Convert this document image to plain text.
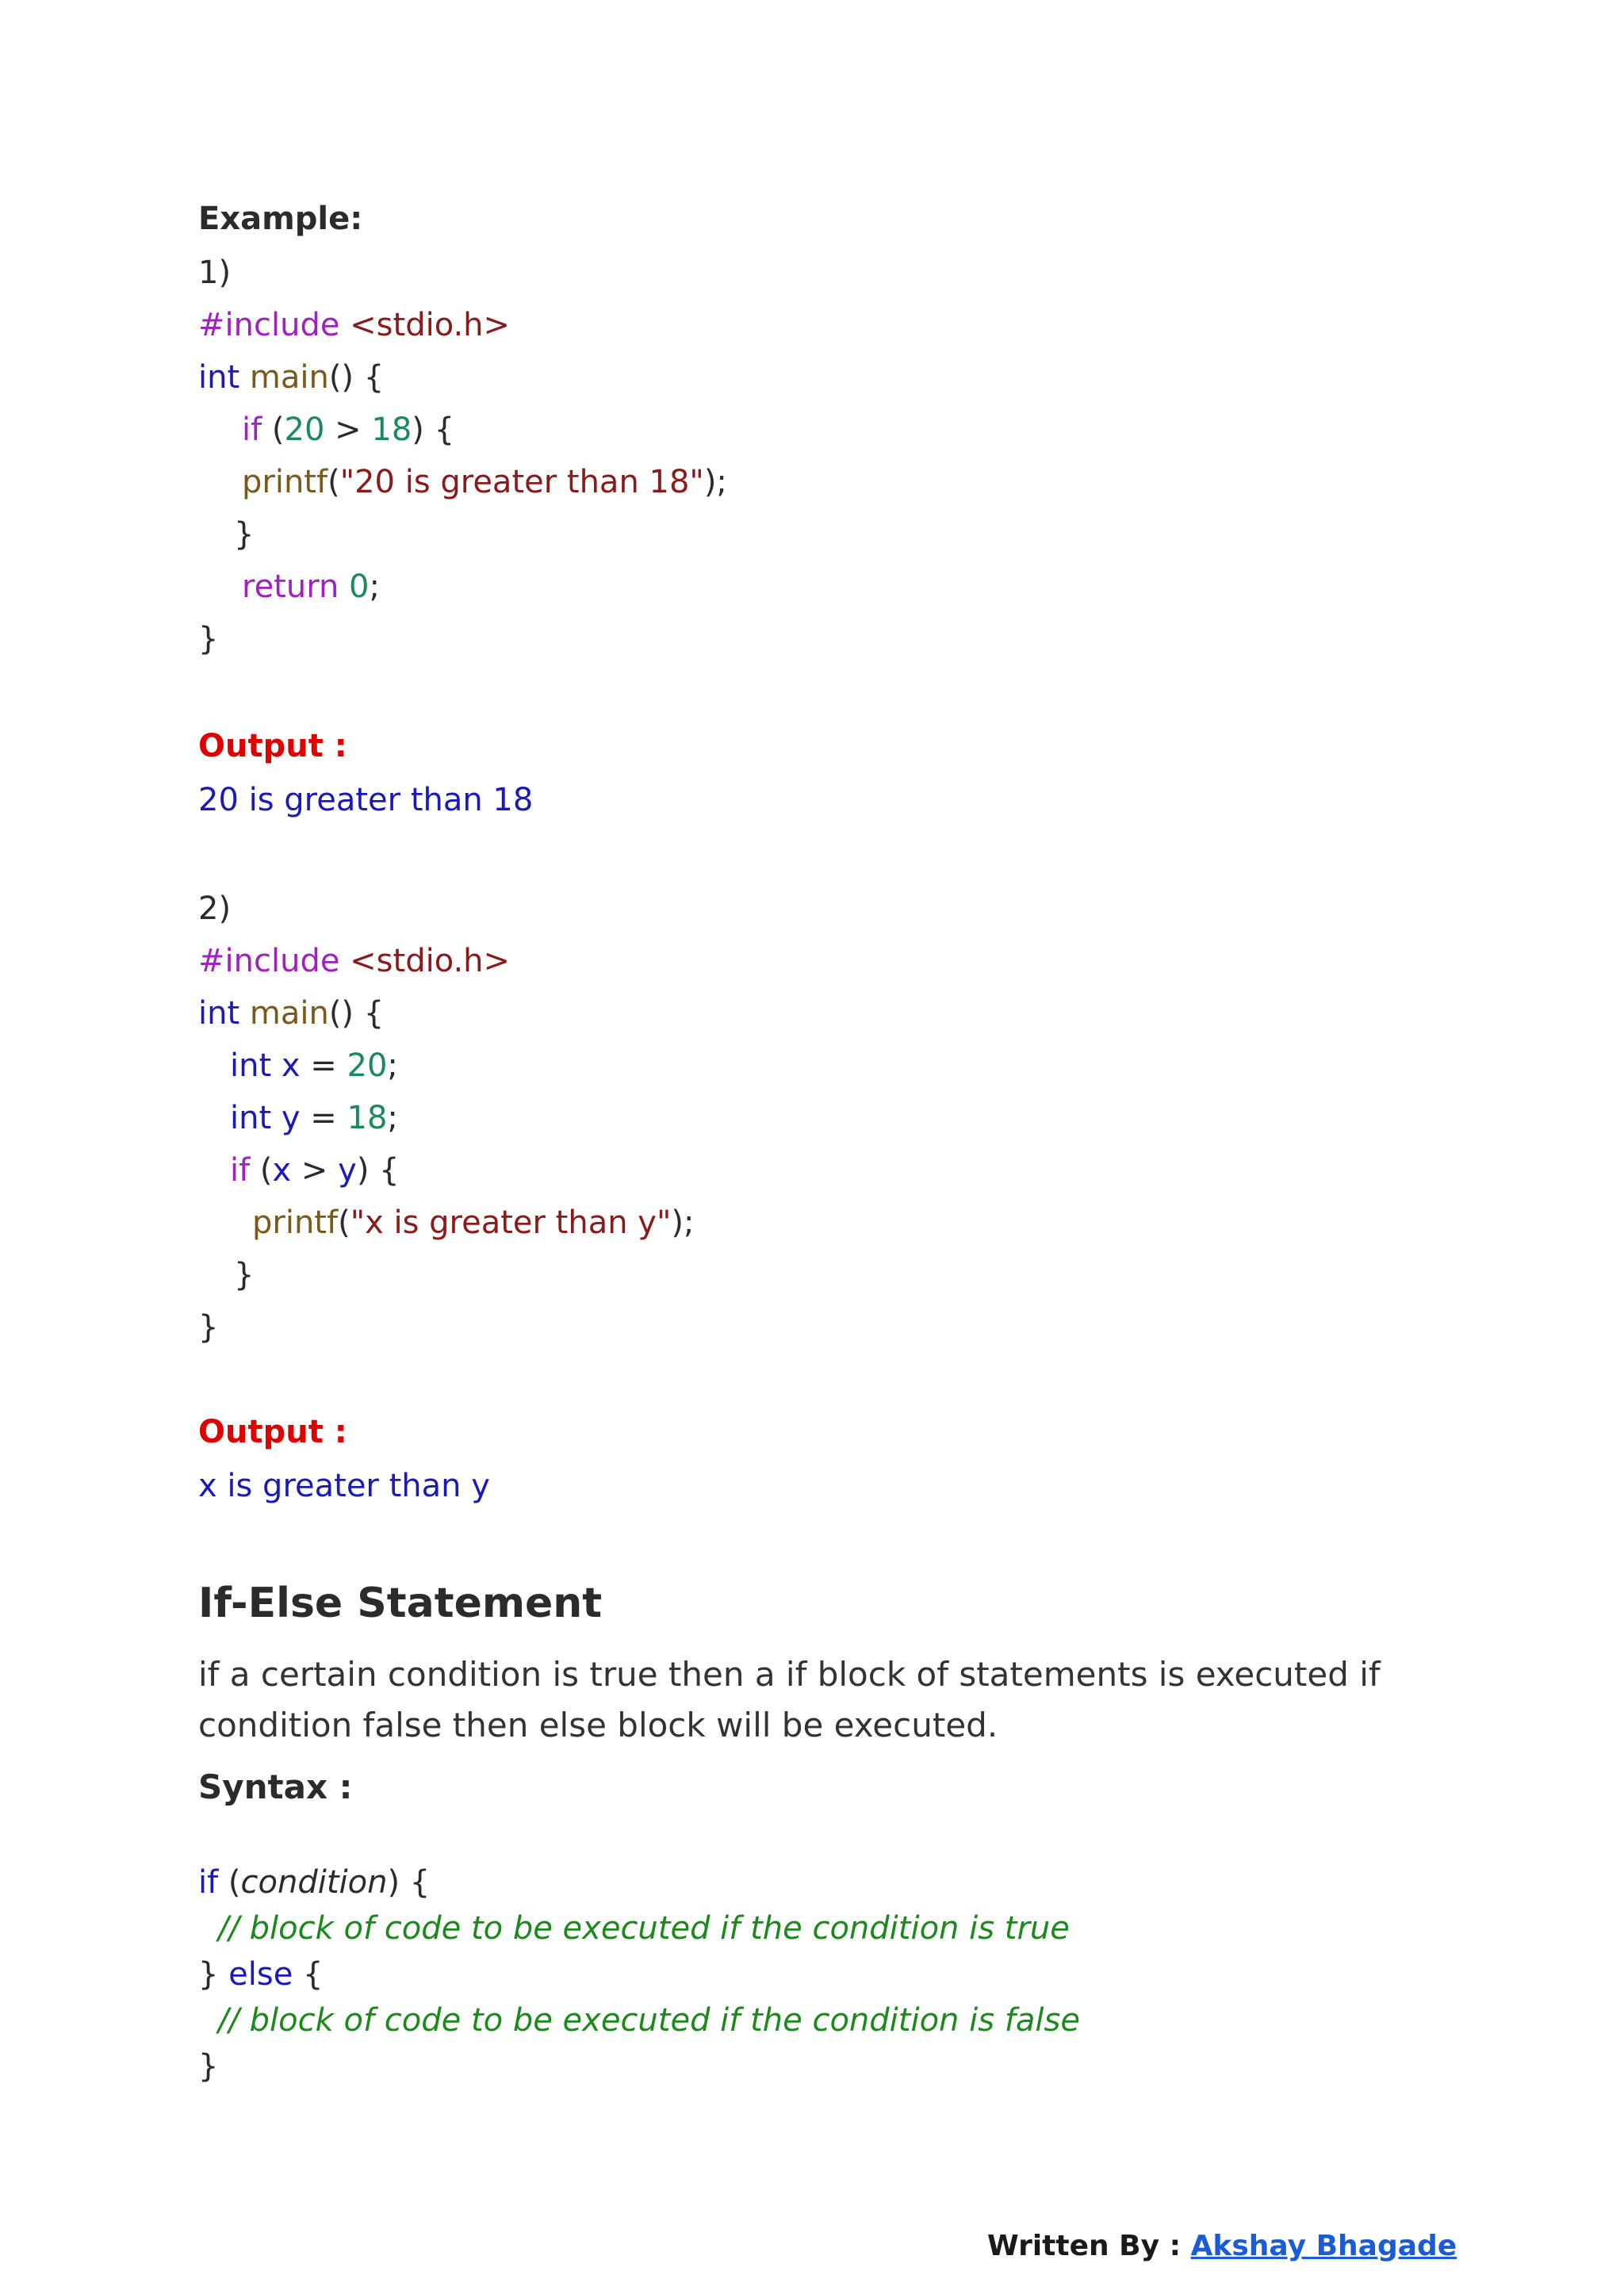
Example:
1)
#include <stdio.h>
int main() {
if (20 > 18) {
printf("20 is greater than 18");
}
return 0;
}
Output :
20 is greater than 18
2)
#include <stdio.h>
int main() {
int x = 20;
int y = 18;
if (x > y) {
printf("x is greater than y");
}
}
Output :
x is greater than y
If-Else Statement
if a certain condition is true then a if block of statements is executed if condition false then else block will be executed.
Syntax :
if (condition) {
// block of code to be executed if the condition is true
} else {
// block of code to be executed if the condition is false
}
Written By : Akshay Bhagade
